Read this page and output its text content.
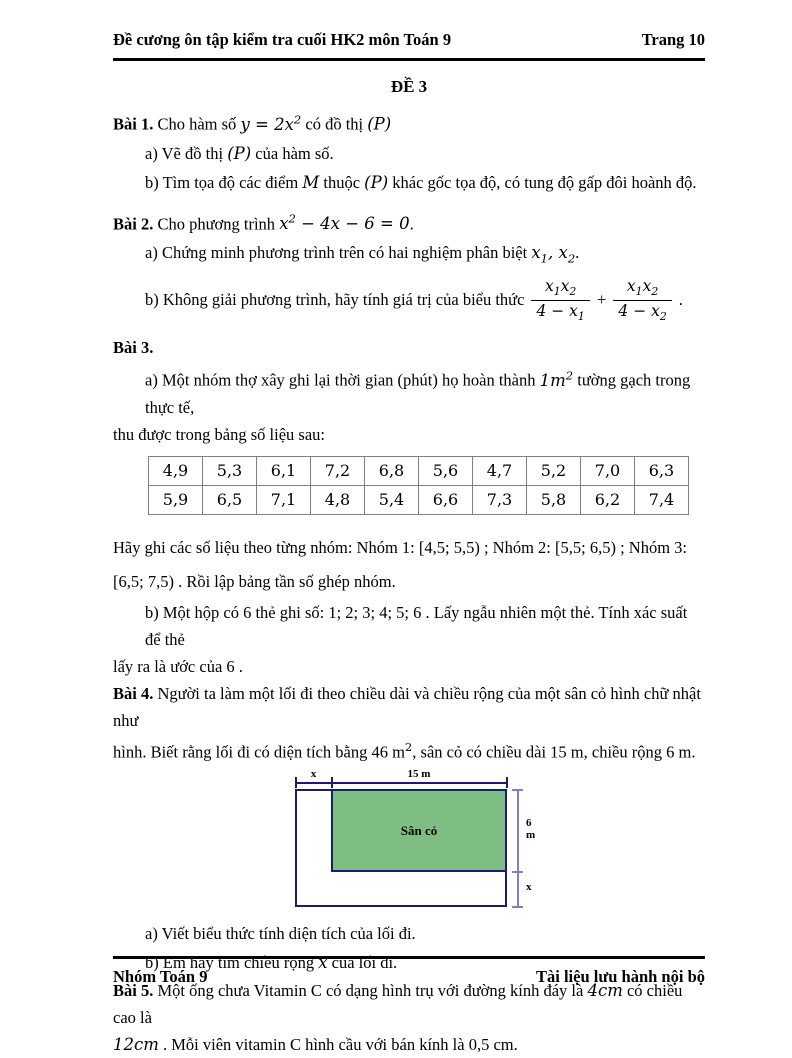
Đề cương ôn tập kiểm tra cuối HK2 môn Toán 9	Trang 10
ĐỀ 3
Bài 1. Cho hàm số $y = 2x^2$ có đồ thị (P)
a) Vẽ đồ thị (P) của hàm số.
b) Tìm tọa độ các điểm M thuộc (P) khác gốc tọa độ, có tung độ gấp đôi hoành độ.
Bài 2. Cho phương trình $x^2 - 4x - 6 = 0$.
a) Chứng minh phương trình trên có hai nghiệm phân biệt $x_1$, $x_2$.
b) Không giải phương trình, hãy tính giá trị của biểu thức $\frac{x_1x_2}{4 - x_1} + \frac{x_1x_2}{4 - x_2}$ .
Bài 3.
a) Một nhóm thợ xây ghi lại thời gian (phút) họ hoàn thành $1m^2$ tường gạch trong thực tế,
thu được trong bảng số liệu sau:
4,9	5,3	6,1	7,2	6,8	5,6	4,7	5,2	7,0	6,3
5,9	6,5	7,1	4,8	5,4	6,6	7,3	5,8	6,2	7,4
Hãy ghi các số liệu theo từng nhóm: Nhóm 1: [4,5; 5,5) ; Nhóm 2: [5,5; 6,5) ; Nhóm 3:
[6,5; 7,5) . Rồi lập bảng tần số ghép nhóm.
b) Một hộp có 6 thẻ ghi số: 1; 2; 3; 4; 5; 6 . Lấy ngẫu nhiên một thẻ. Tính xác suất để thẻ
lấy ra là ước của 6 .
Bài 4. Người ta làm một lối đi theo chiều dài và chiều rộng của một sân cỏ hình chữ nhật như
hình. Biết rằng lối đi có diện tích bằng 46 $m^2$, sân cỏ có chiều dài 15 m, chiều rộng 6 m.
x	15 m
Sân cỏ	6
m
x
a) Viết biểu thức tính diện tích của lối đi.
b) Em hãy tìm chiều rộng x của lối đi.
Bài 5. Một ống chưa Vitamin C có dạng hình trụ với đường kính đáy là 4cm có chiều cao là
12cm . Mỗi viên vitamin C hình cầu với bán kính là 0,5 cm.
Nhóm Toán 9	Tài liệu lưu hành nội bộ
